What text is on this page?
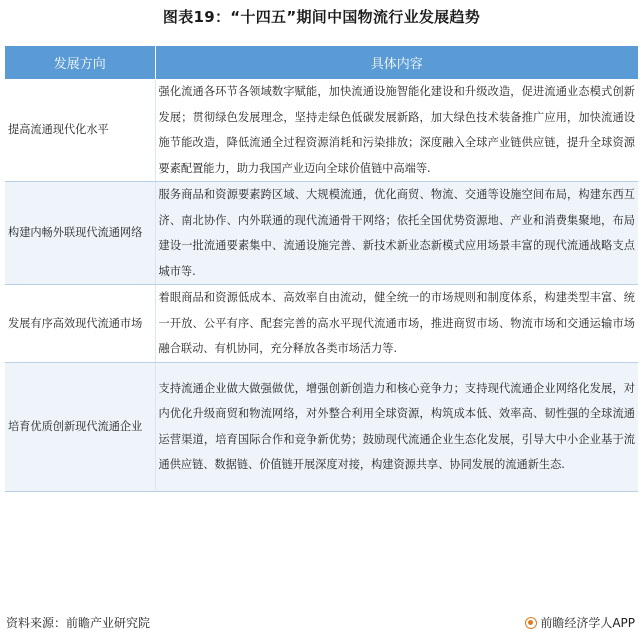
图表19：“十四五”期间中国物流行业发展趋势
发展方向	具体内容
提高流通现代化水平	强化流通各环节各领域数字赋能，加快流通设施智能化建设和升级改造，促进流通业态模式创新发展；贯彻绿色发展理念，坚持走绿色低碳发展新路，加大绿色技术装备推广应用，加快流通设施节能改造，降低流通全过程资源消耗和污染排放；深度融入全球产业链供应链，提升全球资源要素配置能力，助力我国产业迈向全球价值链中高端等.
构建内畅外联现代流通网络	服务商品和资源要素跨区域、大规模流通，优化商贸、物流、交通等设施空间布局，构建东西互济、南北协作、内外联通的现代流通骨干网络；依托全国优势资源地、产业和消费集聚地，布局建设一批流通要素集中、流通设施完善、新技术新业态新模式应用场景丰富的现代流通战略支点城市等.
发展有序高效现代流通市场	着眼商品和资源低成本、高效率自由流动，健全统一的市场规则和制度体系，构建类型丰富、统一开放、公平有序、配套完善的高水平现代流通市场，推进商贸市场、物流市场和交通运输市场融合联动、有机协同，充分释放各类市场活力等.
培育优质创新现代流通企业	支持流通企业做大做强做优，增强创新创造力和核心竞争力；支持现代流通企业网络化发展，对内优化升级商贸和物流网络，对外整合利用全球资源，构筑成本低、效率高、韧性强的全球流通运营渠道，培育国际合作和竞争新优势；鼓励现代流通企业生态化发展，引导大中小企业基于流通供应链、数据链、价值链开展深度对接，构建资源共享、协同发展的流通新生态.
资料来源：前瞻产业研究院	前瞻经济学人APP
